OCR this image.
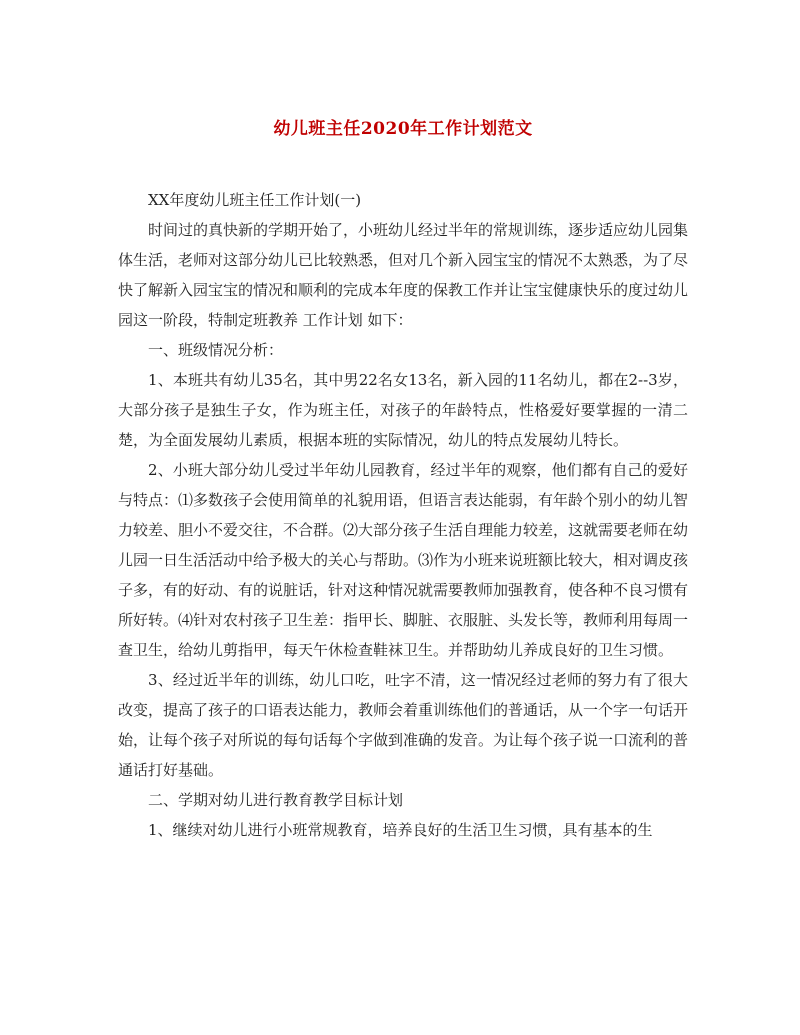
幼儿班主任2020年工作计划范文

XX年度幼儿班主任工作计划(一)

时间过的真快新的学期开始了，小班幼儿经过半年的常规训练，逐步适应幼儿园集体生活，老师对这部分幼儿已比较熟悉，但对几个新入园宝宝的情况不太熟悉，为了尽快了解新入园宝宝的情况和顺利的完成本年度的保教工作并让宝宝健康快乐的度过幼儿园这一阶段，特制定班教养 工作计划 如下：

一、班级情况分析：

1、本班共有幼儿35名，其中男22名女13名，新入园的11名幼儿，都在2--3岁，大部分孩子是独生子女，作为班主任，对孩子的年龄特点，性格爱好要掌握的一清二楚，为全面发展幼儿素质，根据本班的实际情况，幼儿的特点发展幼儿特长。

2、小班大部分幼儿受过半年幼儿园教育，经过半年的观察，他们都有自己的爱好与特点：⑴多数孩子会使用简单的礼貌用语，但语言表达能弱，有年龄个别小的幼儿智力较差、胆小不爱交往，不合群。⑵大部分孩子生活自理能力较差，这就需要老师在幼儿园一日生活活动中给予极大的关心与帮助。⑶作为小班来说班额比较大，相对调皮孩子多，有的好动、有的说脏话，针对这种情况就需要教师加强教育，使各种不良习惯有所好转。⑷针对农村孩子卫生差：指甲长、脚脏、衣服脏、头发长等，教师利用每周一查卫生，给幼儿剪指甲，每天午休检查鞋袜卫生。并帮助幼儿养成良好的卫生习惯。

3、经过近半年的训练，幼儿口吃，吐字不清，这一情况经过老师的努力有了很大改变，提高了孩子的口语表达能力，教师会着重训练他们的普通话，从一个字一句话开始，让每个孩子对所说的每句话每个字做到准确的发音。为让每个孩子说一口流利的普通话打好基础。

二、学期对幼儿进行教育教学目标计划

1、继续对幼儿进行小班常规教育，培养良好的生活卫生习惯，具有基本的生
